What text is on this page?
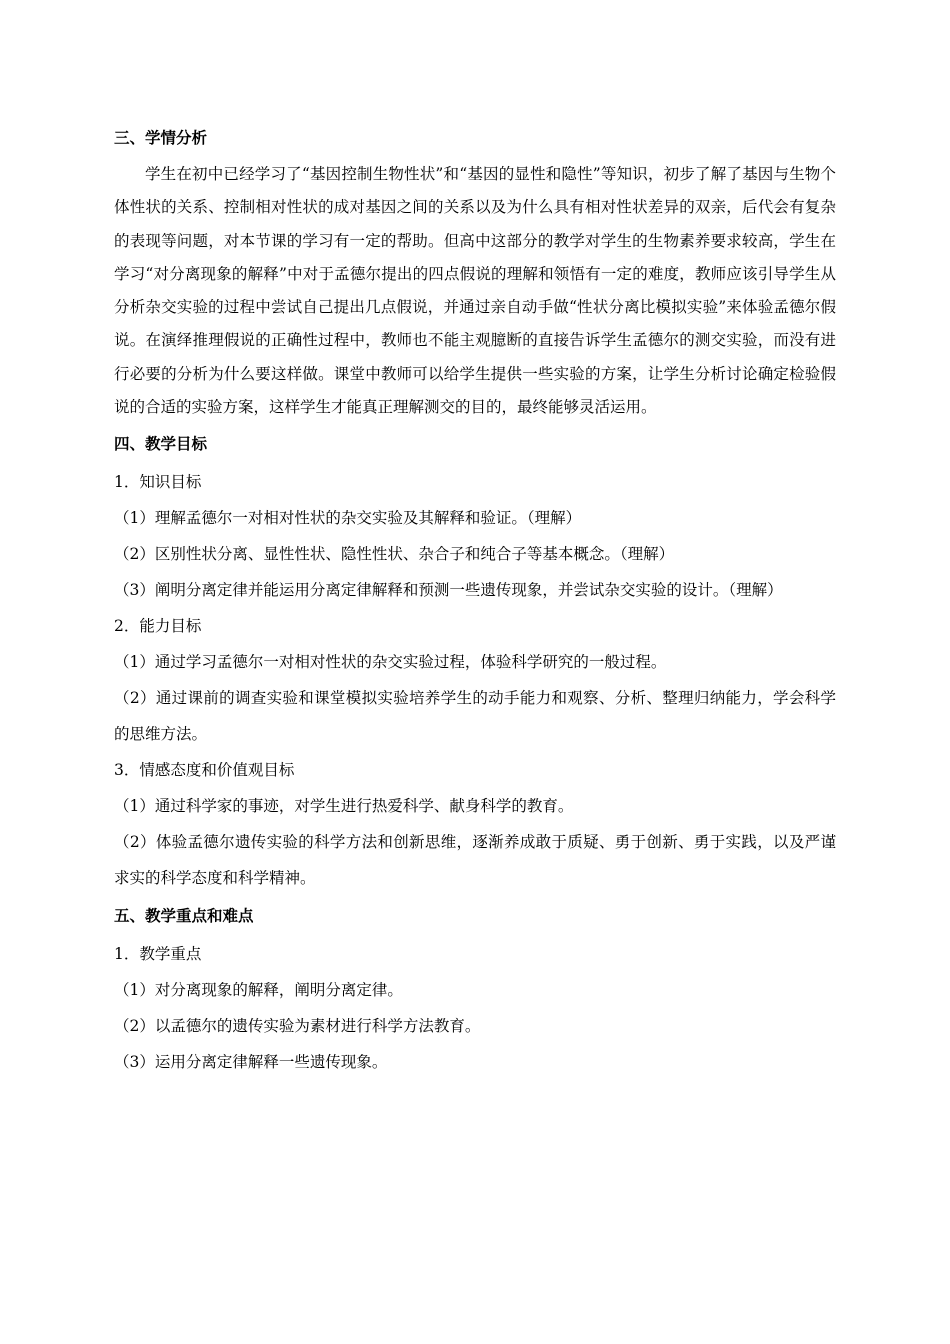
三、学情分析

学生在初中已经学习了“基因控制生物性状”和“基因的显性和隐性”等知识，初步了解了基因与生物个体性状的关系、控制相对性状的成对基因之间的关系以及为什么具有相对性状差异的双亲，后代会有复杂的表现等问题，对本节课的学习有一定的帮助。但高中这部分的教学对学生的生物素养要求较高，学生在学习“对分离现象的解释”中对于孟德尔提出的四点假说的理解和领悟有一定的难度，教师应该引导学生从分析杂交实验的过程中尝试自己提出几点假说，并通过亲自动手做“性状分离比模拟实验”来体验孟德尔假说。在演绎推理假说的正确性过程中，教师也不能主观臆断的直接告诉学生孟德尔的测交实验，而没有进行必要的分析为什么要这样做。课堂中教师可以给学生提供一些实验的方案，让学生分析讨论确定检验假说的合适的实验方案，这样学生才能真正理解测交的目的，最终能够灵活运用。

四、教学目标
1．知识目标

（1）理解孟德尔一对相对性状的杂交实验及其解释和验证。（理解）

（2）区别性状分离、显性性状、隐性性状、杂合子和纯合子等基本概念。（理解）

（3）阐明分离定律并能运用分离定律解释和预测一些遗传现象，并尝试杂交实验的设计。（理解）

2．能力目标

（1）通过学习孟德尔一对相对性状的杂交实验过程，体验科学研究的一般过程。

（2）通过课前的调查实验和课堂模拟实验培养学生的动手能力和观察、分析、整理归纳能力，学会科学的思维方法。

3．情感态度和价值观目标

（1）通过科学家的事迹，对学生进行热爱科学、献身科学的教育。

（2）体验孟德尔遗传实验的科学方法和创新思维，逐渐养成敢于质疑、勇于创新、勇于实践，以及严谨求实的科学态度和科学精神。

五、教学重点和难点
1．教学重点

（1）对分离现象的解释，阐明分离定律。

（2）以孟德尔的遗传实验为素材进行科学方法教育。

（3）运用分离定律解释一些遗传现象。
